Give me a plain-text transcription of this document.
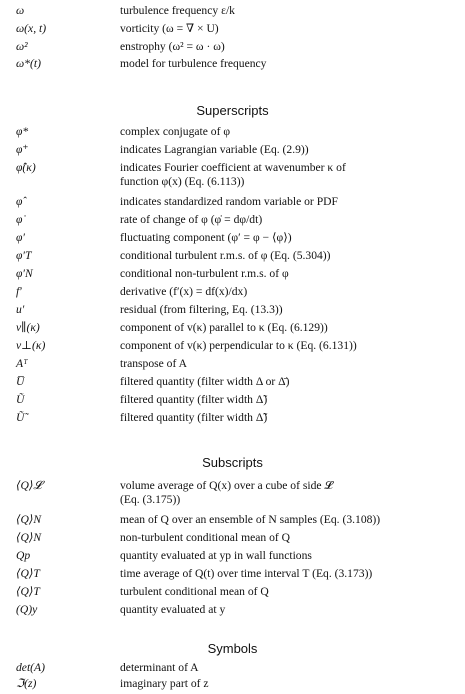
ω	turbulence frequency ε/k
ω(x, t)	vorticity (ω = ∇ × U)
ω²	enstrophy (ω² = ω · ω)
ω*(t)	model for turbulence frequency
Superscripts
φ*	complex conjugate of φ
φ⁺	indicates Lagrangian variable (Eq. (2.9))
φ̂(κ)	indicates Fourier coefficient at wavenumber κ of
function φ(x) (Eq. (6.113))
φ̂	indicates standardized random variable or PDF
φ̇	rate of change of φ (φ̇ = dφ/dt)
φ′	fluctuating component (φ′ = φ − ⟨φ⟩)
φ′T	conditional turbulent r.m.s. of φ (Eq. (5.304))
φ′N	conditional non-turbulent r.m.s. of φ
f′	derivative (f′(x) = df(x)/dx)
u′	residual (from filtering, Eq. (13.3))
v∥(κ)	component of v(κ) parallel to κ (Eq. (6.129))
v⊥(κ)	component of v(κ) perpendicular to κ (Eq. (6.131))
Aᵀ	transpose of A
U̅	filtered quantity (filter width Δ or Δ̄)
Ũ	filtered quantity (filter width Δ̃)
Ũ̃	filtered quantity (filter width Δ̃̃)
Subscripts
⟨Q⟩𝓛	volume average of Q(x) over a cube of side 𝓛
(Eq. (3.175))
⟨Q⟩N	mean of Q over an ensemble of N samples (Eq. (3.108))
⟨Q⟩N	non-turbulent conditional mean of Q
Qp	quantity evaluated at yp in wall functions
⟨Q⟩T	time average of Q(t) over time interval T (Eq. (3.173))
⟨Q⟩T	turbulent conditional mean of Q
(Q)y	quantity evaluated at y
Symbols
det(A)	determinant of A
ℑ(z)	imaginary part of z
